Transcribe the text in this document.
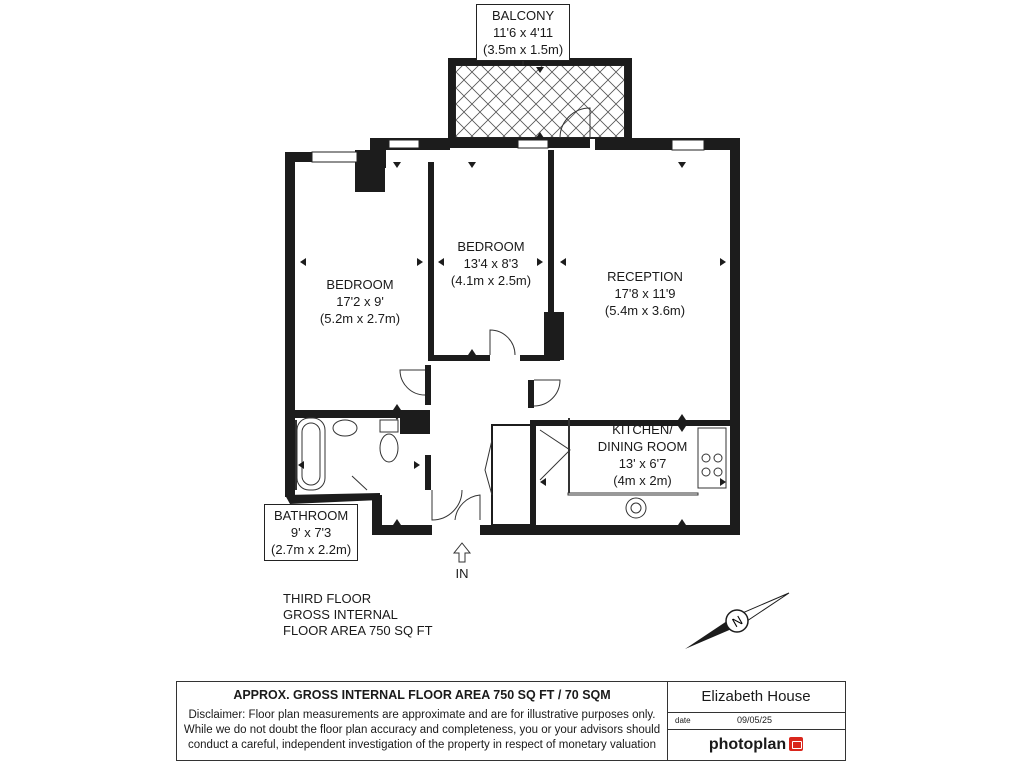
N
BALCONY
11'6 x 4'11
(3.5m x 1.5m)
BEDROOM
17'2 x 9'
(5.2m x 2.7m)
BEDROOM
13'4 x 8'3
(4.1m x 2.5m)	RECEPTION
17'8 x 11'9
(5.4m x 3.6m)
KITCHEN/
DINING ROOM
13' x 6'7
(4m x 2m)
BATHROOM
9' x 7'3
(2.7m x 2.2m)
IN
THIRD FLOOR
GROSS INTERNAL
FLOOR AREA 750 SQ FT
APPROX. GROSS INTERNAL FLOOR AREA 750 SQ FT / 70 SQM
Disclaimer: Floor plan measurements are approximate and are for illustrative purposes only.
While we do not doubt the floor plan accuracy and completeness, you or your advisors should
conduct a careful, independent investigation of the property in respect of monetary valuation
Elizabeth House
date	09/05/25
photoplan
